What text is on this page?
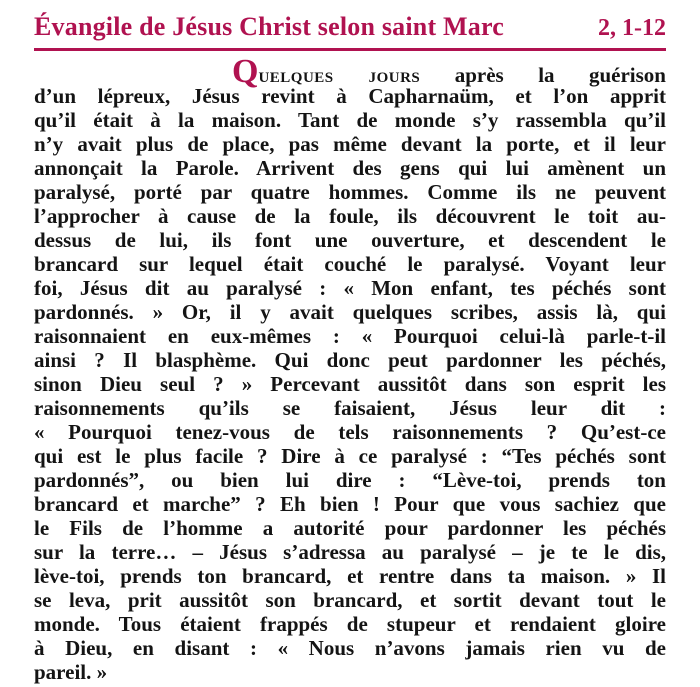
Évangile de Jésus Christ selon saint Marc	2, 1-12
Quelques jours après la guérison
d’un lépreux, Jésus revint à Capharnaüm, et l’on apprit
qu’il était à la maison. Tant de monde s’y rassembla qu’il
n’y avait plus de place, pas même devant la porte, et il leur
annonçait la Parole. Arrivent des gens qui lui amènent un
paralysé, porté par quatre hommes. Comme ils ne peuvent
l’approcher à cause de la foule, ils découvrent le toit au-
dessus de lui, ils font une ouverture, et descendent le
brancard sur lequel était couché le paralysé. Voyant leur
foi, Jésus dit au paralysé : « Mon enfant, tes péchés sont
pardonnés. » Or, il y avait quelques scribes, assis là, qui
raisonnaient en eux-mêmes : « Pourquoi celui-là parle-t-il
ainsi ? Il blasphème. Qui donc peut pardonner les péchés,
sinon Dieu seul ? » Percevant aussitôt dans son esprit les
raisonnements qu’ils se faisaient, Jésus leur dit :
« Pourquoi tenez-vous de tels raisonnements ? Qu’est-ce
qui est le plus facile ? Dire à ce paralysé : “Tes péchés sont
pardonnés”, ou bien lui dire : “Lève-toi, prends ton
brancard et marche” ? Eh bien ! Pour que vous sachiez que
le Fils de l’homme a autorité pour pardonner les péchés
sur la terre… – Jésus s’adressa au paralysé – je te le dis,
lève-toi, prends ton brancard, et rentre dans ta maison. » Il
se leva, prit aussitôt son brancard, et sortit devant tout le
monde. Tous étaient frappés de stupeur et rendaient gloire
à Dieu, en disant : « Nous n’avons jamais rien vu de
pareil. »
